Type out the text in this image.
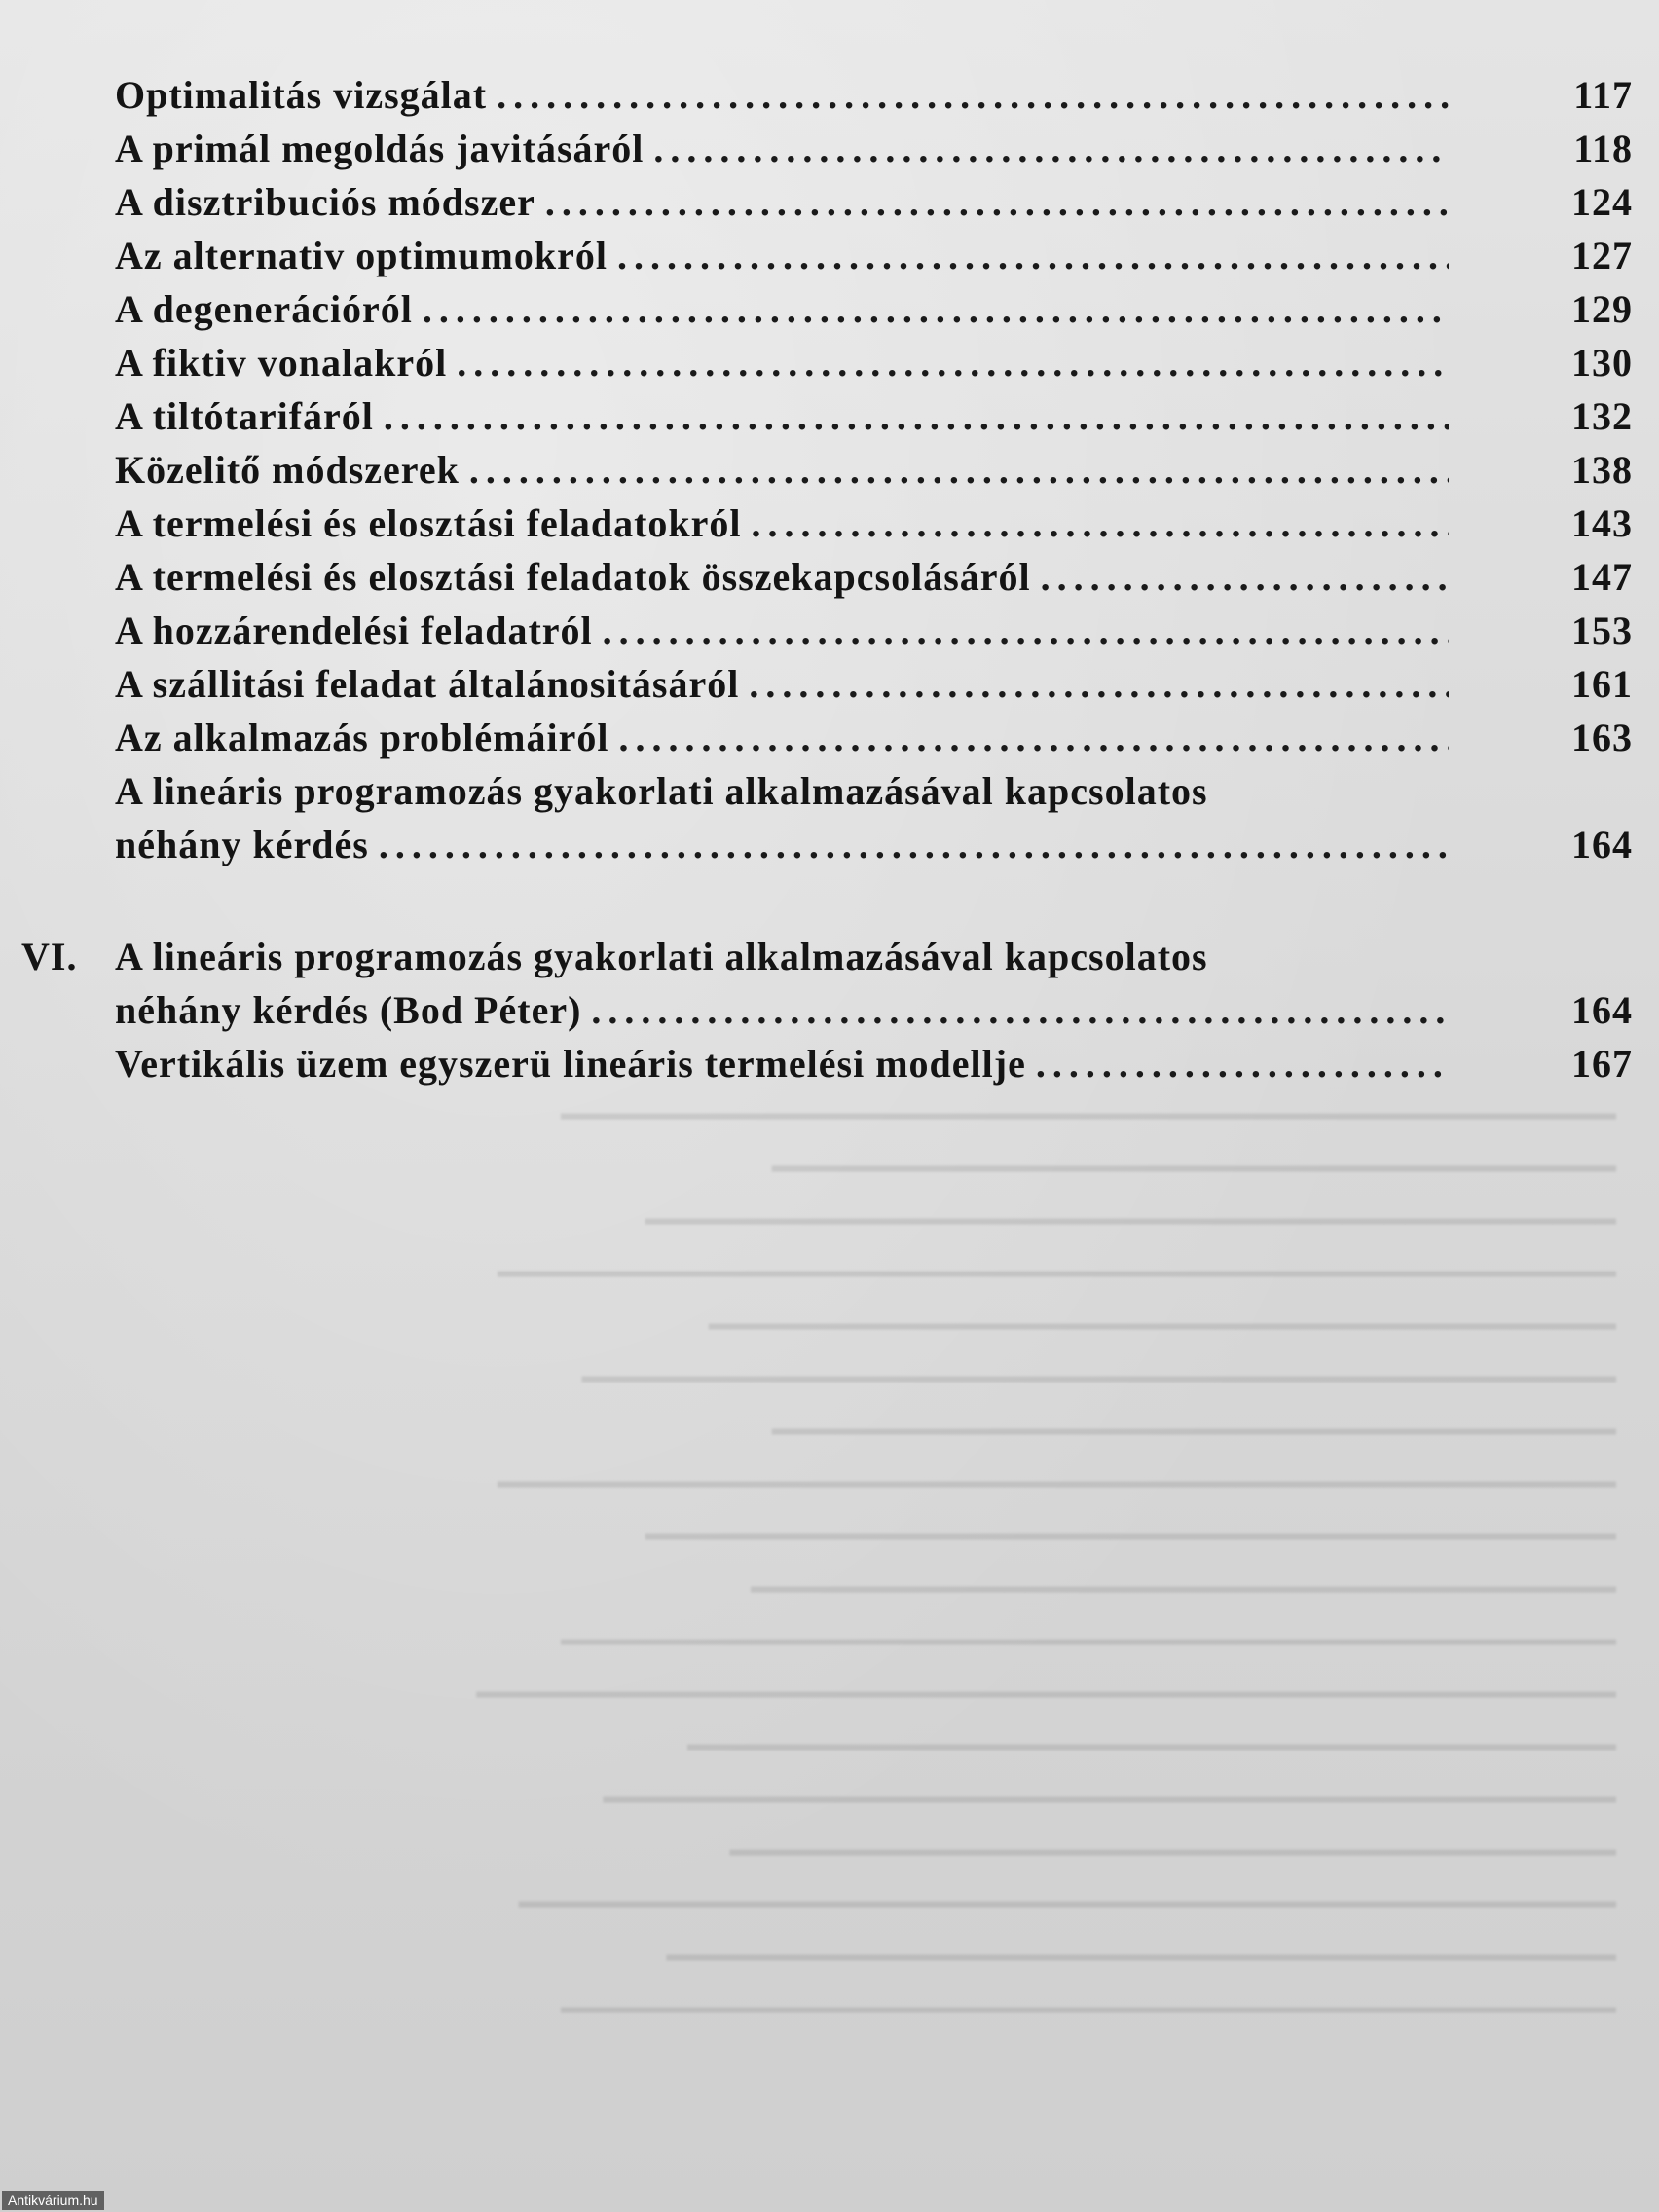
━━━━━━━━━━━━━━━━━━━━━━━━━━━━━━━━━━━━━━━━━━━━━━━━━━
━━━━━━━━━━━━━━━━━━━━━━━━━━━━━━━━━━━━━━━━
━━━━━━━━━━━━━━━━━━━━━━━━━━━━━━━━━━━━━━━━━━━━━━
━━━━━━━━━━━━━━━━━━━━━━━━━━━━━━━━━━━━━━━━━━━━━━━━━━━━━
━━━━━━━━━━━━━━━━━━━━━━━━━━━━━━━━━━━━━━━━━━━
━━━━━━━━━━━━━━━━━━━━━━━━━━━━━━━━━━━━━━━━━━━━━━━━━
━━━━━━━━━━━━━━━━━━━━━━━━━━━━━━━━━━━━━━━━
━━━━━━━━━━━━━━━━━━━━━━━━━━━━━━━━━━━━━━━━━━━━━━━━━━━━━
━━━━━━━━━━━━━━━━━━━━━━━━━━━━━━━━━━━━━━━━━━━━━━
━━━━━━━━━━━━━━━━━━━━━━━━━━━━━━━━━━━━━━━━━
━━━━━━━━━━━━━━━━━━━━━━━━━━━━━━━━━━━━━━━━━━━━━━━━━━
━━━━━━━━━━━━━━━━━━━━━━━━━━━━━━━━━━━━━━━━━━━━━━━━━━━━━━
━━━━━━━━━━━━━━━━━━━━━━━━━━━━━━━━━━━━━━━━━━━━
━━━━━━━━━━━━━━━━━━━━━━━━━━━━━━━━━━━━━━━━━━━━━━━━
━━━━━━━━━━━━━━━━━━━━━━━━━━━━━━━━━━━━━━━━━━
━━━━━━━━━━━━━━━━━━━━━━━━━━━━━━━━━━━━━━━━━━━━━━━━━━━━
━━━━━━━━━━━━━━━━━━━━━━━━━━━━━━━━━━━━━━━━━━━━━
━━━━━━━━━━━━━━━━━━━━━━━━━━━━━━━━━━━━━━━━━━━━━━━━━━
Optimalitás vizsgálat .....	117
A primál megoldás javitásáról .....	118
A disztribuciós módszer .....	124
Az alternativ optimumokról .....	127
A degenerációról .....	129
A fiktiv vonalakról .....	130
A tiltótarifáról .....	132
Közelitő módszerek .....	138
A termelési és elosztási feladatokról .....	143
A termelési és elosztási feladatok összekapcsolásáról .....	147
A hozzárendelési feladatról .....	153
A szállitási feladat általánositásáról .....	161
Az alkalmazás problémáiról .....	163
A lineáris programozás gyakorlati alkalmazásával kapcsolatos
néhány kérdés .....	164
VI. A lineáris programozás gyakorlati alkalmazásával kapcsolatos
néhány kérdés (Bod Péter) .....	164
Vertikális üzem egyszerü lineáris termelési modellje .....	167
Antikvárium.hu
